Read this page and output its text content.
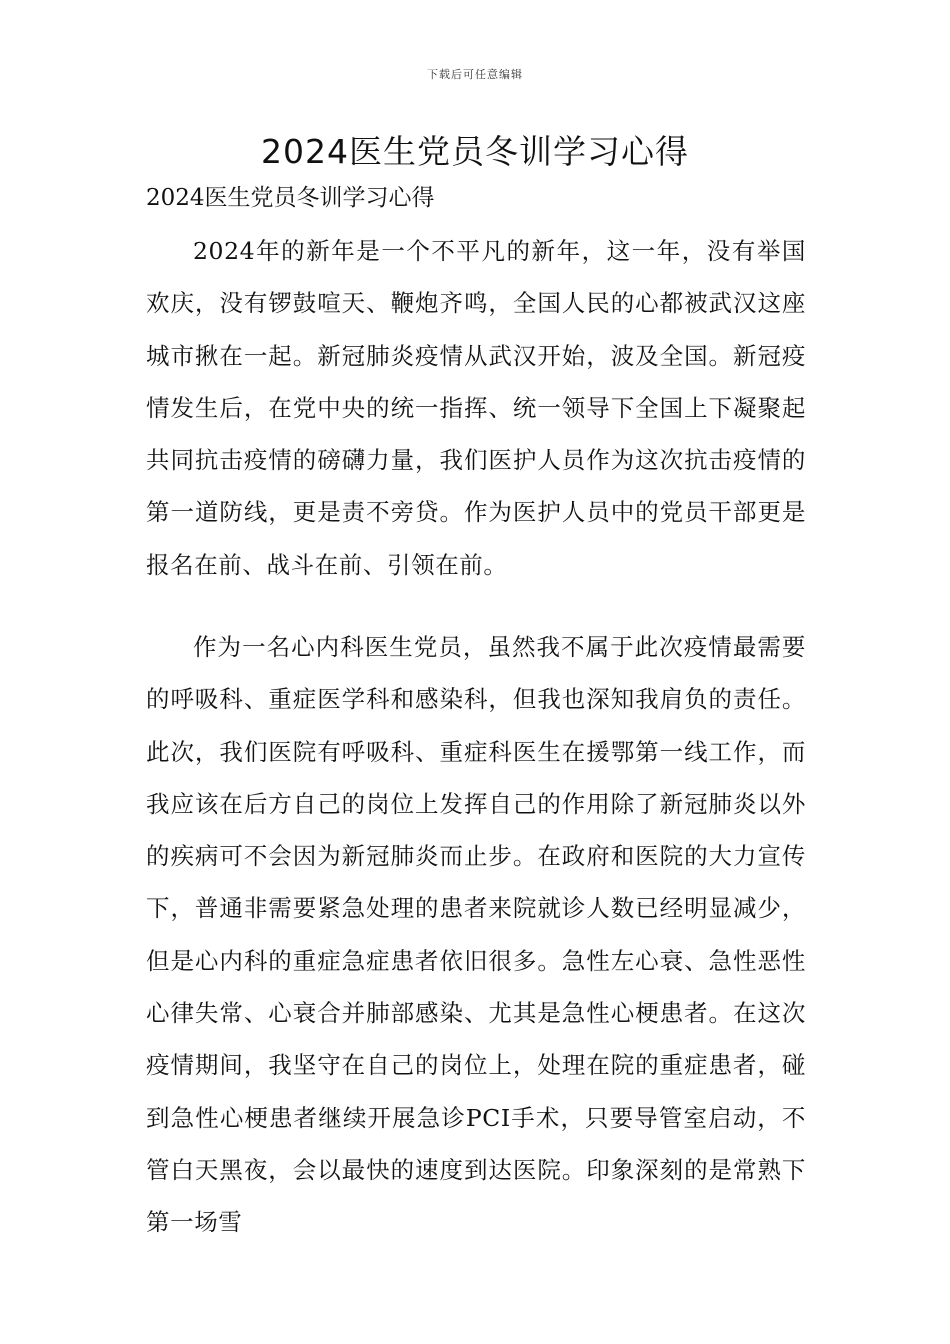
下载后可任意编辑
2024医生党员冬训学习心得

2024医生党员冬训学习心得

2024年的新年是一个不平凡的新年，这一年，没有举国欢庆，没有锣鼓喧天、鞭炮齐鸣，全国人民的心都被武汉这座城市揪在一起。新冠肺炎疫情从武汉开始，波及全国。新冠疫情发生后，在党中央的统一指挥、统一领导下全国上下凝聚起共同抗击疫情的磅礴力量，我们医护人员作为这次抗击疫情的第一道防线，更是责不旁贷。作为医护人员中的党员干部更是报名在前、战斗在前、引领在前。

作为一名心内科医生党员，虽然我不属于此次疫情最需要的呼吸科、重症医学科和感染科，但我也深知我肩负的责任。此次，我们医院有呼吸科、重症科医生在援鄂第一线工作，而我应该在后方自己的岗位上发挥自己的作用除了新冠肺炎以外的疾病可不会因为新冠肺炎而止步。在政府和医院的大力宣传下，普通非需要紧急处理的患者来院就诊人数已经明显减少，但是心内科的重症急症患者依旧很多。急性左心衰、急性恶性心律失常、心衰合并肺部感染、尤其是急性心梗患者。在这次疫情期间，我坚守在自己的岗位上，处理在院的重症患者，碰到急性心梗患者继续开展急诊PCI手术，只要导管室启动，不管白天黑夜，会以最快的速度到达医院。印象深刻的是常熟下第一场雪
